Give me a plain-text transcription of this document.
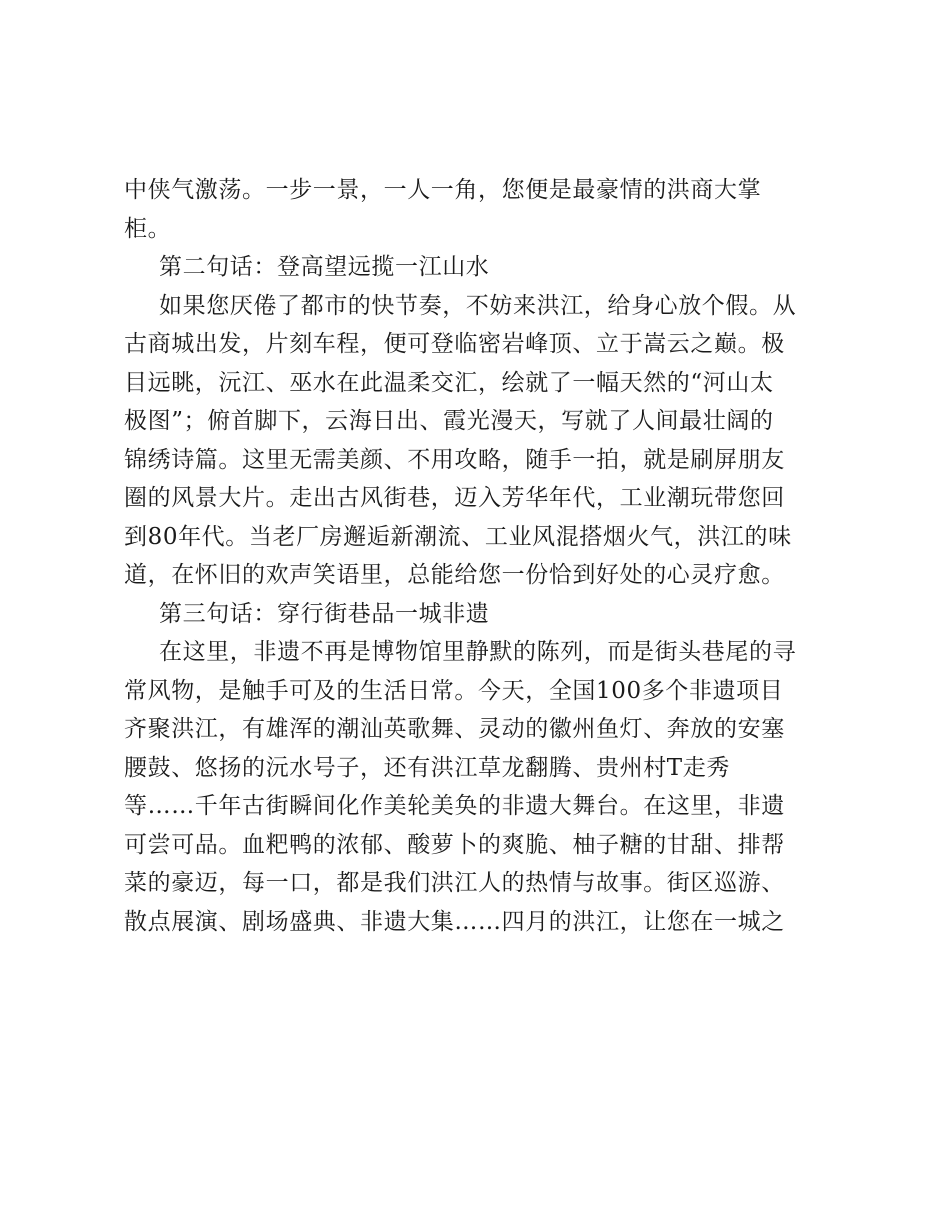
中侠气激荡。一步一景，一人一角，您便是最豪情的洪商大掌
柜。

第二句话：登高望远揽一江山水

如果您厌倦了都市的快节奏，不妨来洪江，给身心放个假。从
古商城出发，片刻车程，便可登临密岩峰顶、立于嵩云之巅。极
目远眺，沅江、巫水在此温柔交汇，绘就了一幅天然的“河山太
极图”；俯首脚下，云海日出、霞光漫天，写就了人间最壮阔的
锦绣诗篇。这里无需美颜、不用攻略，随手一拍，就是刷屏朋友
圈的风景大片。走出古风街巷，迈入芳华年代，工业潮玩带您回
到80年代。当老厂房邂逅新潮流、工业风混搭烟火气，洪江的味
道，在怀旧的欢声笑语里，总能给您一份恰到好处的心灵疗愈。

第三句话：穿行街巷品一城非遗

在这里，非遗不再是博物馆里静默的陈列，而是街头巷尾的寻
常风物，是触手可及的生活日常。今天，全国100多个非遗项目
齐聚洪江，有雄浑的潮汕英歌舞、灵动的徽州鱼灯、奔放的安塞
腰鼓、悠扬的沅水号子，还有洪江草龙翻腾、贵州村T走秀
等……千年古街瞬间化作美轮美奂的非遗大舞台。在这里，非遗
可尝可品。血粑鸭的浓郁、酸萝卜的爽脆、柚子糖的甘甜、排帮
菜的豪迈，每一口，都是我们洪江人的热情与故事。街区巡游、
散点展演、剧场盛典、非遗大集……四月的洪江，让您在一城之
